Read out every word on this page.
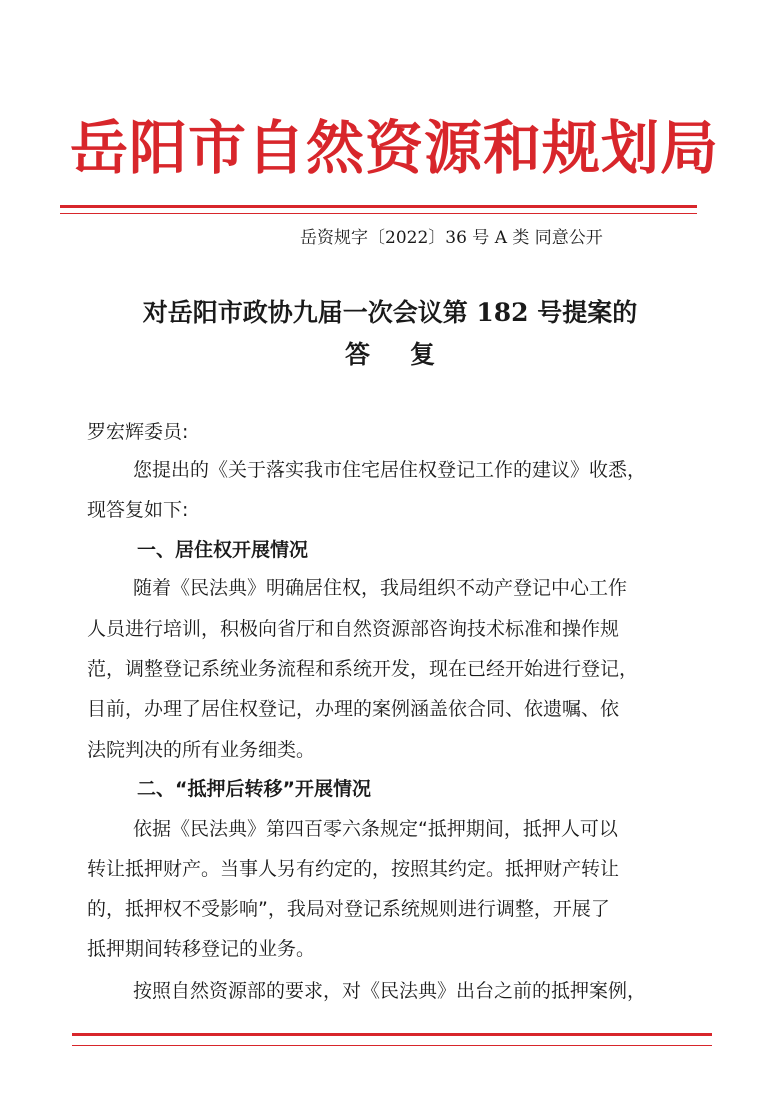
岳阳市自然资源和规划局
岳资规字〔2022〕36 号 A 类 同意公开
对岳阳市政协九届一次会议第 182 号提案的
答复
罗宏辉委员:
您提出的《关于落实我市住宅居住权登记工作的建议》收悉，
现答复如下:
一、居住权开展情况
随着《民法典》明确居住权，我局组织不动产登记中心工作
人员进行培训，积极向省厅和自然资源部咨询技术标准和操作规
范，调整登记系统业务流程和系统开发，现在已经开始进行登记，
目前，办理了居住权登记，办理的案例涵盖依合同、依遗嘱、依
法院判决的所有业务细类。
二、“抵押后转移”开展情况
依据《民法典》第四百零六条规定“抵押期间，抵押人可以
转让抵押财产。当事人另有约定的，按照其约定。抵押财产转让
的，抵押权不受影响”，我局对登记系统规则进行调整，开展了
抵押期间转移登记的业务。
按照自然资源部的要求，对《民法典》出台之前的抵押案例，
